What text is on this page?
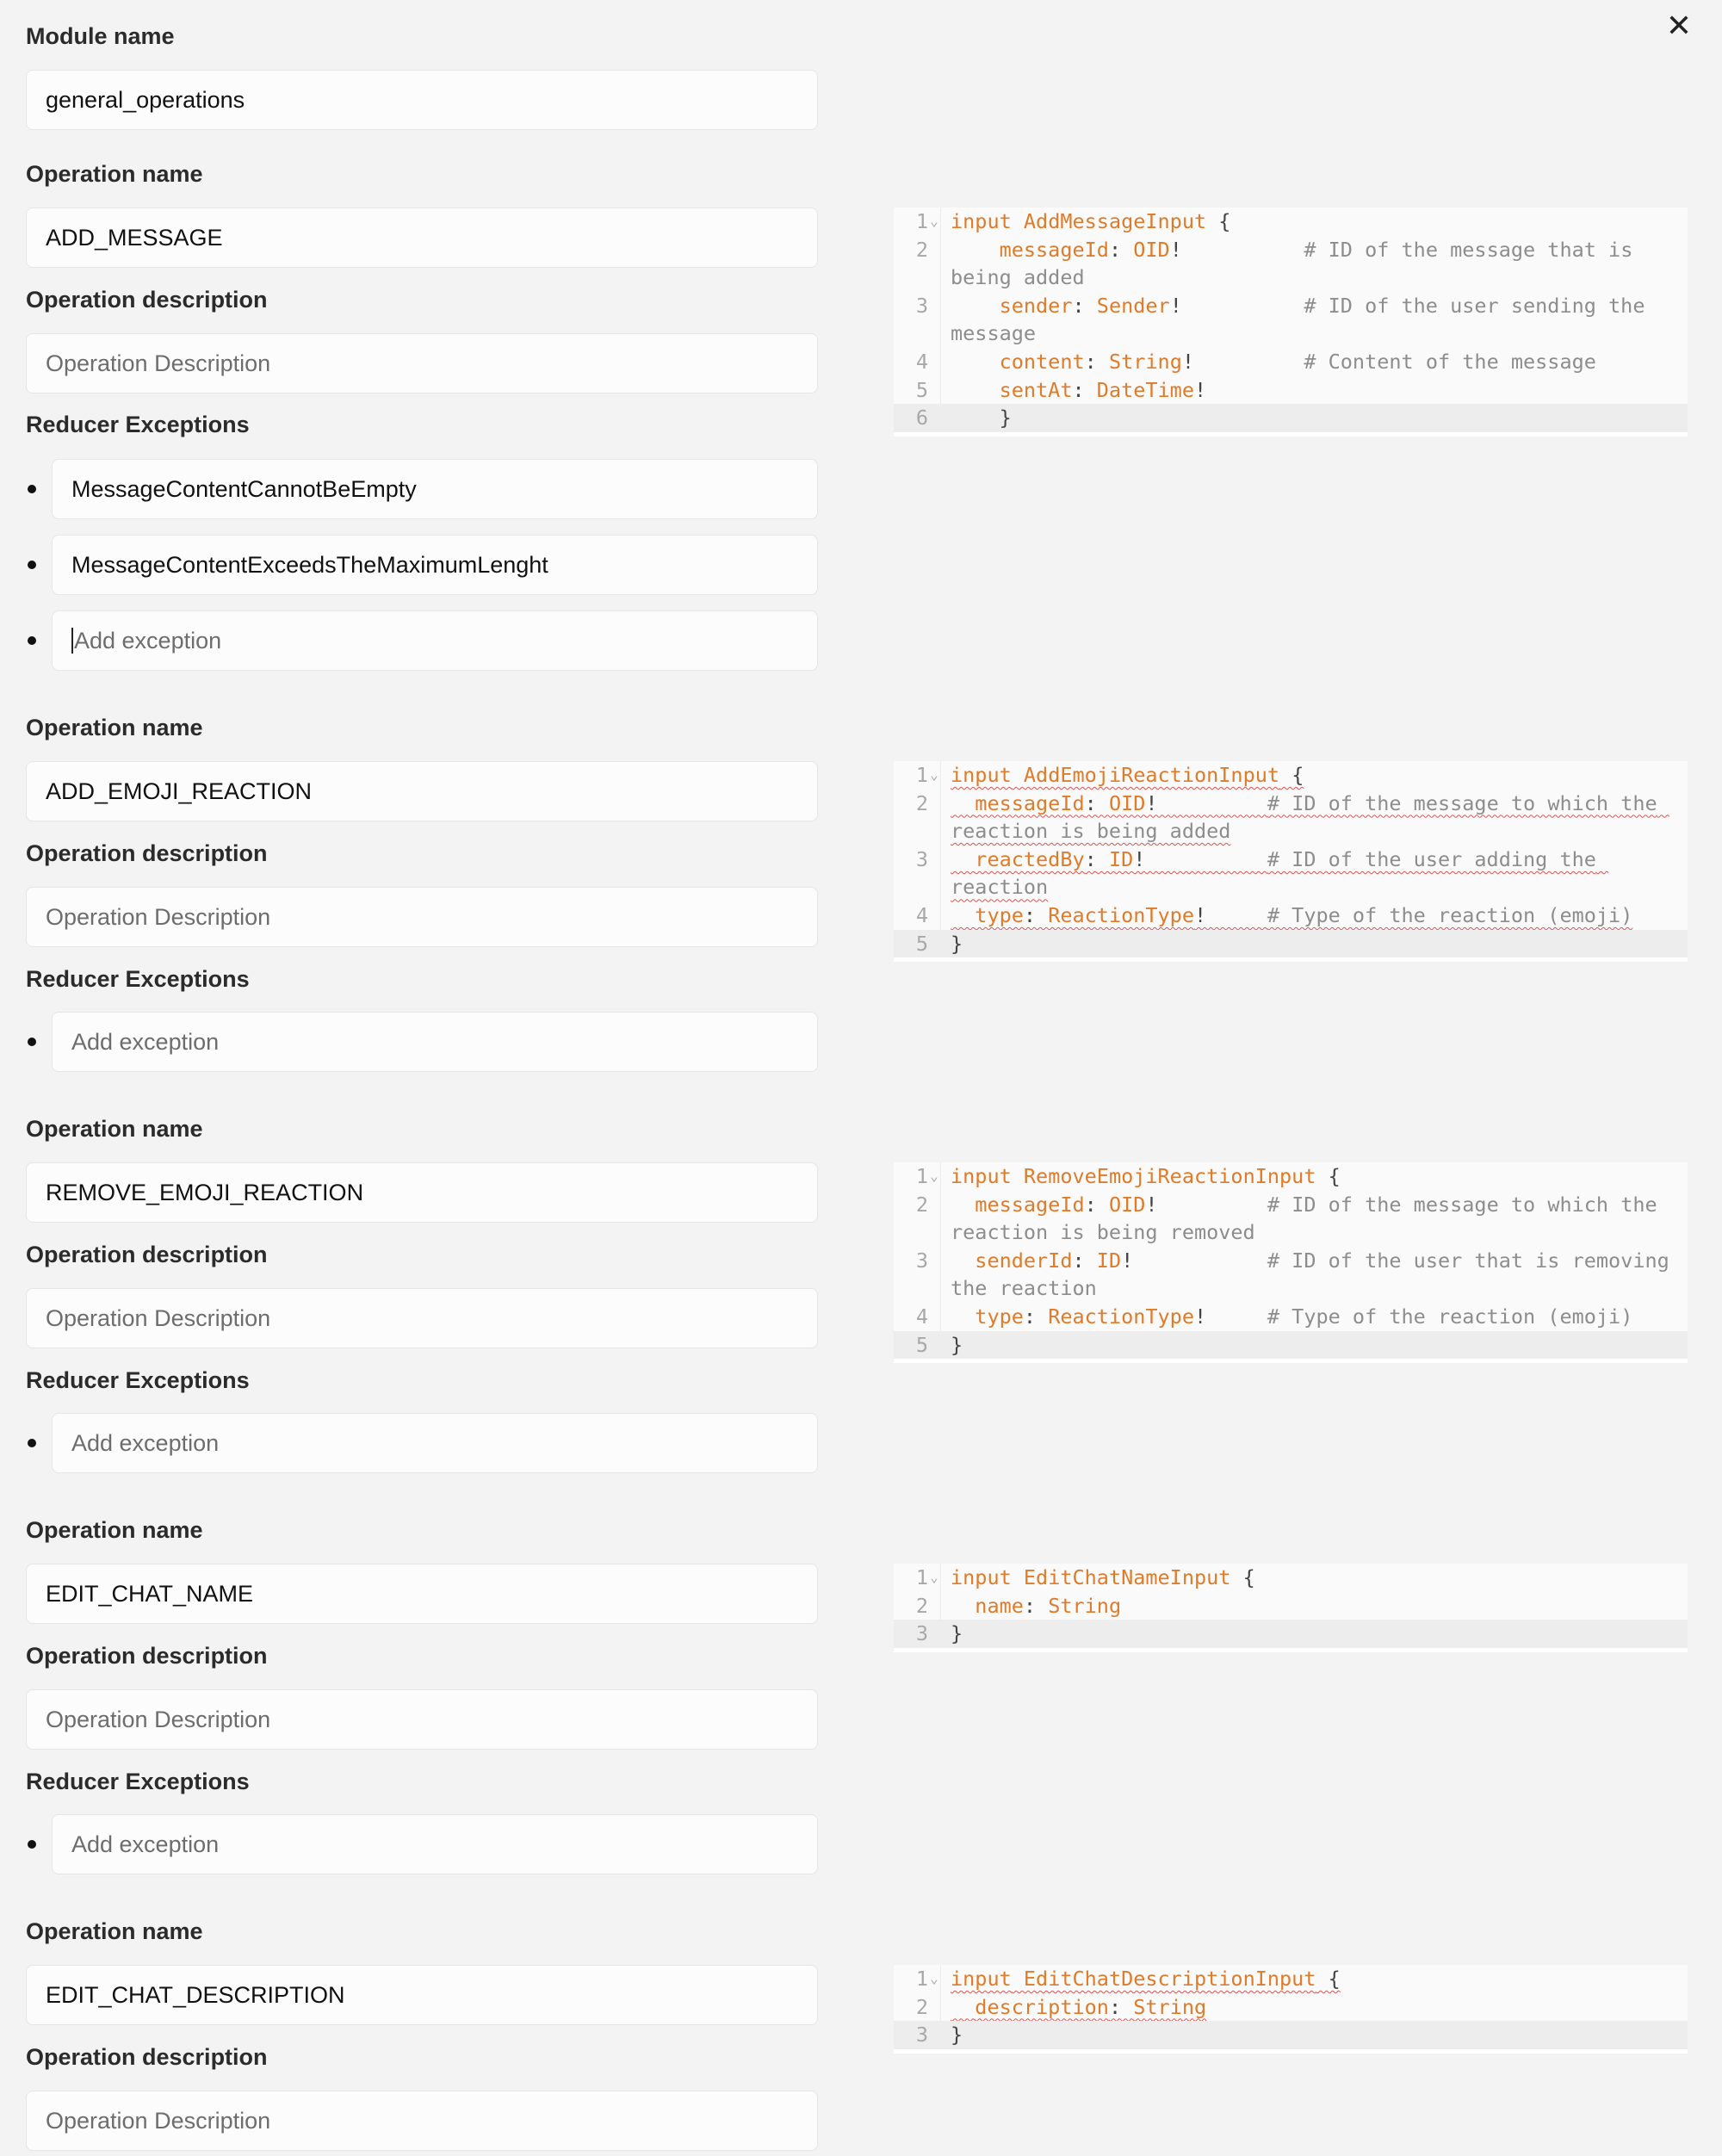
✕
Module name
general_operations
Operation name
ADD_MESSAGE
Operation description
Operation Description
Reducer Exceptions
MessageContentCannotBeEmpty
MessageContentExceedsTheMaximumLenght
Add exception
1 ⌄ input AddMessageInput {
2	messageId: OID!	# ID of the message that is being added
3	sender: Sender!	# ID of the user sending the message
4	content: String!	# Content of the message
5	sentAt: DateTime!
6	}
Operation name
ADD_EMOJI_REACTION
Operation description
Operation Description
Reducer Exceptions
Add exception
1 ⌄ input AddEmojiReactionInput {
2	messageId: OID!	# ID of the message to which the reaction is being added
3	reactedBy: ID!	# ID of the user adding the reaction
4	type: ReactionType!	# Type of the reaction (emoji)
5	}
Operation name
REMOVE_EMOJI_REACTION
Operation description
Operation Description
Reducer Exceptions
Add exception
1 ⌄ input RemoveEmojiReactionInput {
2	messageId: OID!	# ID of the message to which the reaction is being removed
3	senderId: ID!	# ID of the user that is removing the reaction
4	type: ReactionType!	# Type of the reaction (emoji)
5	}
Operation name
EDIT_CHAT_NAME
Operation description
Operation Description
Reducer Exceptions
Add exception
1 ⌄ input EditChatNameInput {
2	name: String
3	}
Operation name
EDIT_CHAT_DESCRIPTION
Operation description
Operation Description
1 ⌄ input EditChatDescriptionInput {
2	description: String
3	}
